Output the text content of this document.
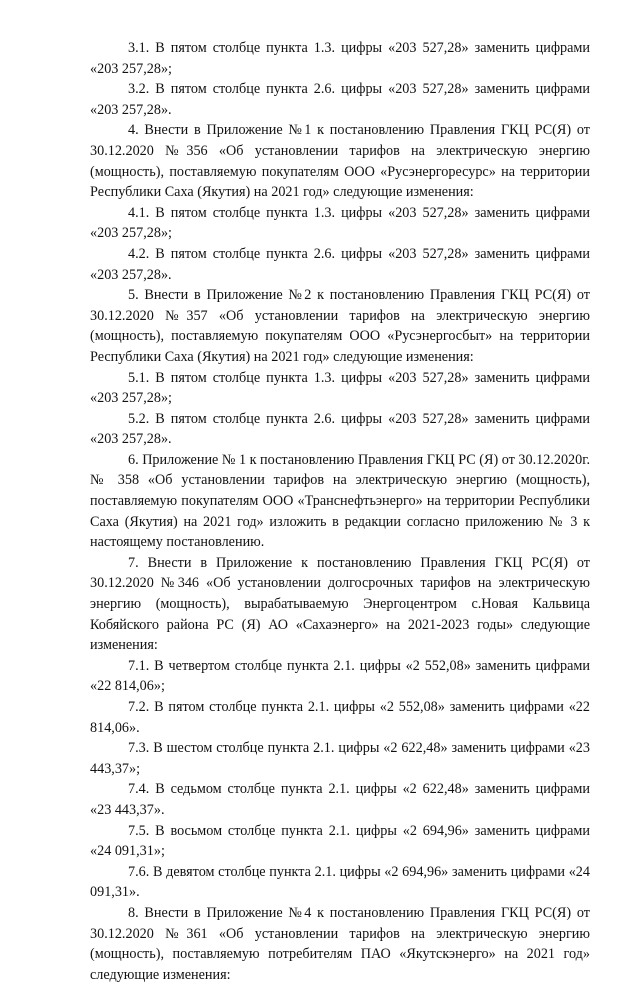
3.1. В пятом столбце пункта 1.3. цифры «203 527,28» заменить цифрами «203 257,28»;

3.2. В пятом столбце пункта 2.6. цифры «203 527,28» заменить цифрами «203 257,28».

4. Внести в Приложение №1 к постановлению Правления ГКЦ РС(Я) от 30.12.2020 №356 «Об установлении тарифов на электрическую энергию (мощность), поставляемую покупателям ООО «Русэнергоресурс» на территории Республики Саха (Якутия) на 2021 год» следующие изменения:

4.1. В пятом столбце пункта 1.3. цифры «203 527,28» заменить цифрами «203 257,28»;

4.2. В пятом столбце пункта 2.6. цифры «203 527,28» заменить цифрами «203 257,28».

5. Внести в Приложение №2 к постановлению Правления ГКЦ РС(Я) от 30.12.2020 №357 «Об установлении тарифов на электрическую энергию (мощность), поставляемую покупателям ООО «Русэнергосбыт» на территории Республики Саха (Якутия) на 2021 год» следующие изменения:

5.1. В пятом столбце пункта 1.3. цифры «203 527,28» заменить цифрами «203 257,28»;

5.2. В пятом столбце пункта 2.6. цифры «203 527,28» заменить цифрами «203 257,28».

6. Приложение № 1 к постановлению Правления ГКЦ РС (Я) от 30.12.2020г. № 358 «Об установлении тарифов на электрическую энергию (мощность), поставляемую покупателям ООО «Транснефтьэнерго» на территории Республики Саха (Якутия) на 2021 год» изложить в редакции согласно приложению № 3 к настоящему постановлению.

7. Внести в Приложение к постановлению Правления ГКЦ РС(Я) от 30.12.2020 №346 «Об установлении долгосрочных тарифов на электрическую энергию (мощность), вырабатываемую Энергоцентром с.Новая Кальвица Кобяйского района РС (Я) АО «Сахаэнерго» на 2021-2023 годы» следующие изменения:

7.1. В четвертом столбце пункта 2.1. цифры «2 552,08» заменить цифрами «22 814,06»;

7.2. В пятом столбце пункта 2.1. цифры «2 552,08» заменить цифрами «22 814,06».

7.3. В шестом столбце пункта 2.1. цифры «2 622,48» заменить цифрами «23 443,37»;

7.4. В седьмом столбце пункта 2.1. цифры «2 622,48» заменить цифрами «23 443,37».

7.5. В восьмом столбце пункта 2.1. цифры «2 694,96» заменить цифрами «24 091,31»;

7.6. В девятом столбце пункта 2.1. цифры «2 694,96» заменить цифрами «24 091,31».

8. Внести в Приложение №4 к постановлению Правления ГКЦ РС(Я) от 30.12.2020 №361 «Об установлении тарифов на электрическую энергию (мощность), поставляемую потребителям ПАО «Якутскэнерго» на 2021 год» следующие изменения:
